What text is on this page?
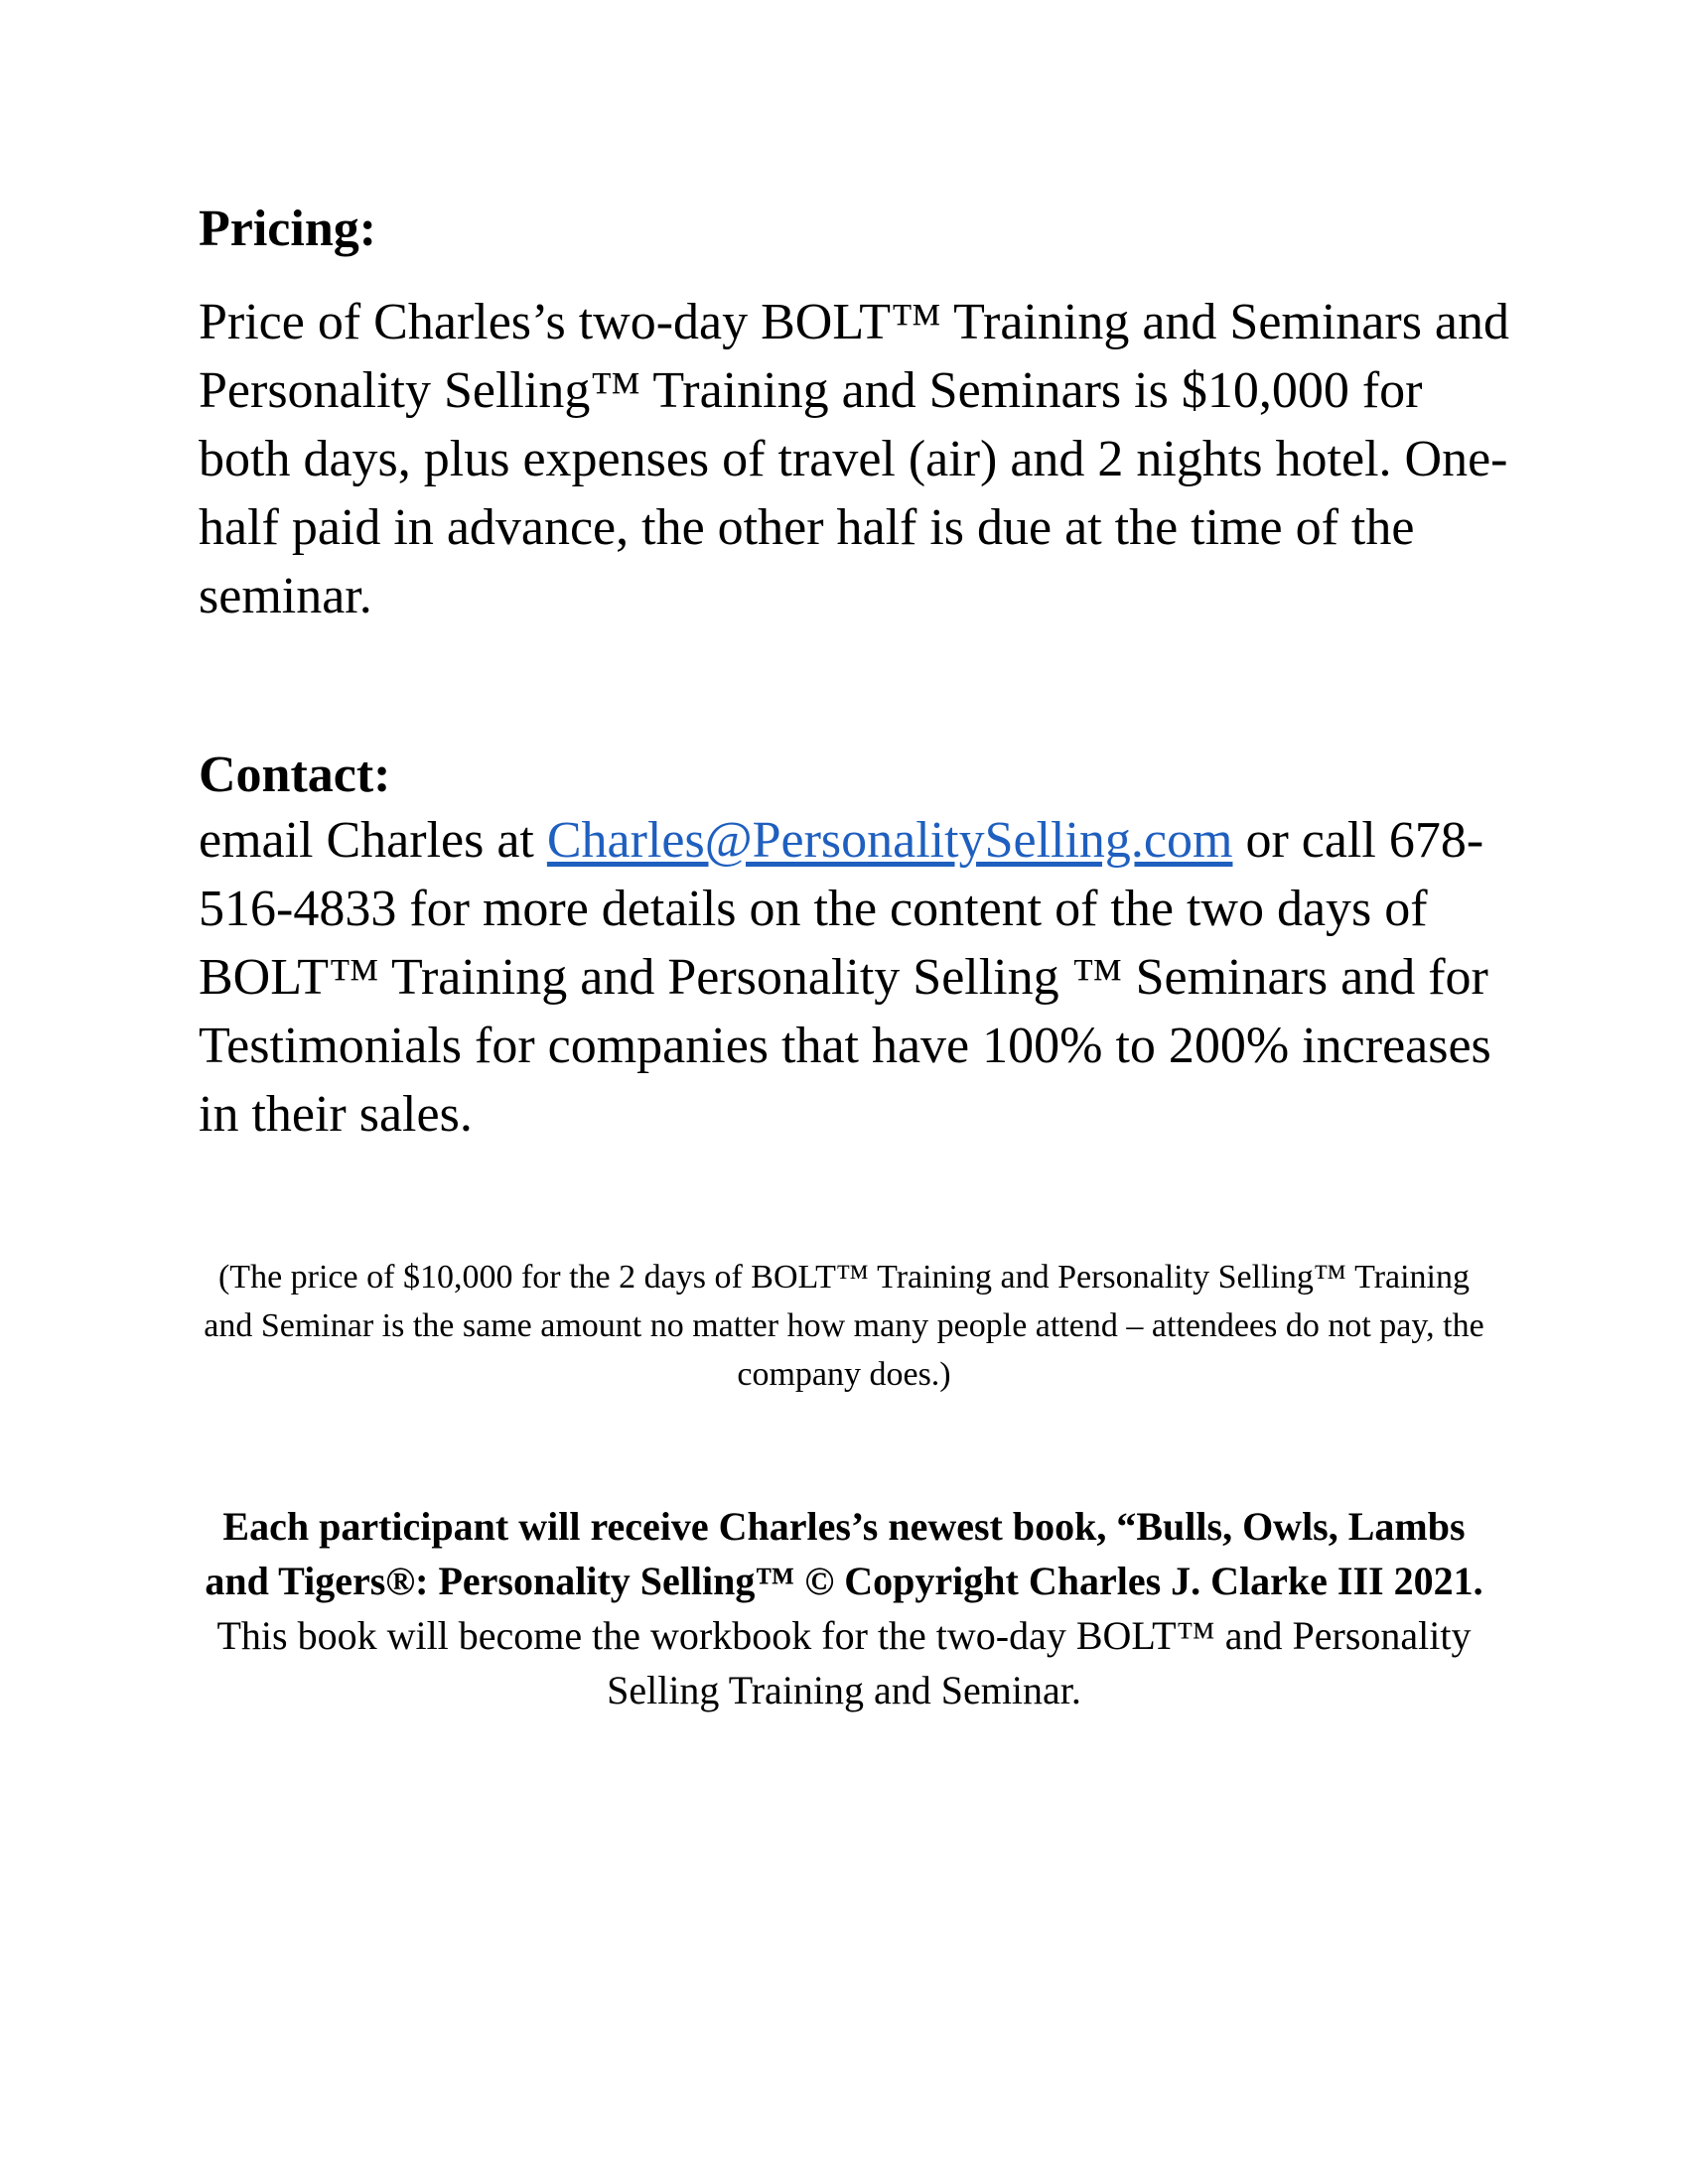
Pricing:

Price of Charles’s two-day BOLT™ Training and Seminars and Personality Selling™ Training and Seminars is $10,000 for both days, plus expenses of travel (air) and 2 nights hotel. One-half paid in advance, the other half is due at the time of the seminar.

Contact:

email Charles at Charles@PersonalitySelling.com or call 678-516-4833 for more details on the content of the two days of BOLT™ Training and Personality Selling ™ Seminars and for Testimonials for companies that have 100% to 200% increases in their sales.

(The price of $10,000 for the 2 days of BOLT™ Training and Personality Selling™ Training and Seminar is the same amount no matter how many people attend – attendees do not pay, the company does.)

Each participant will receive Charles’s newest book, “Bulls, Owls, Lambs and Tigers®: Personality Selling™ © Copyright Charles J. Clarke III 2021. This book will become the workbook for the two-day BOLT™ and Personality Selling Training and Seminar.
